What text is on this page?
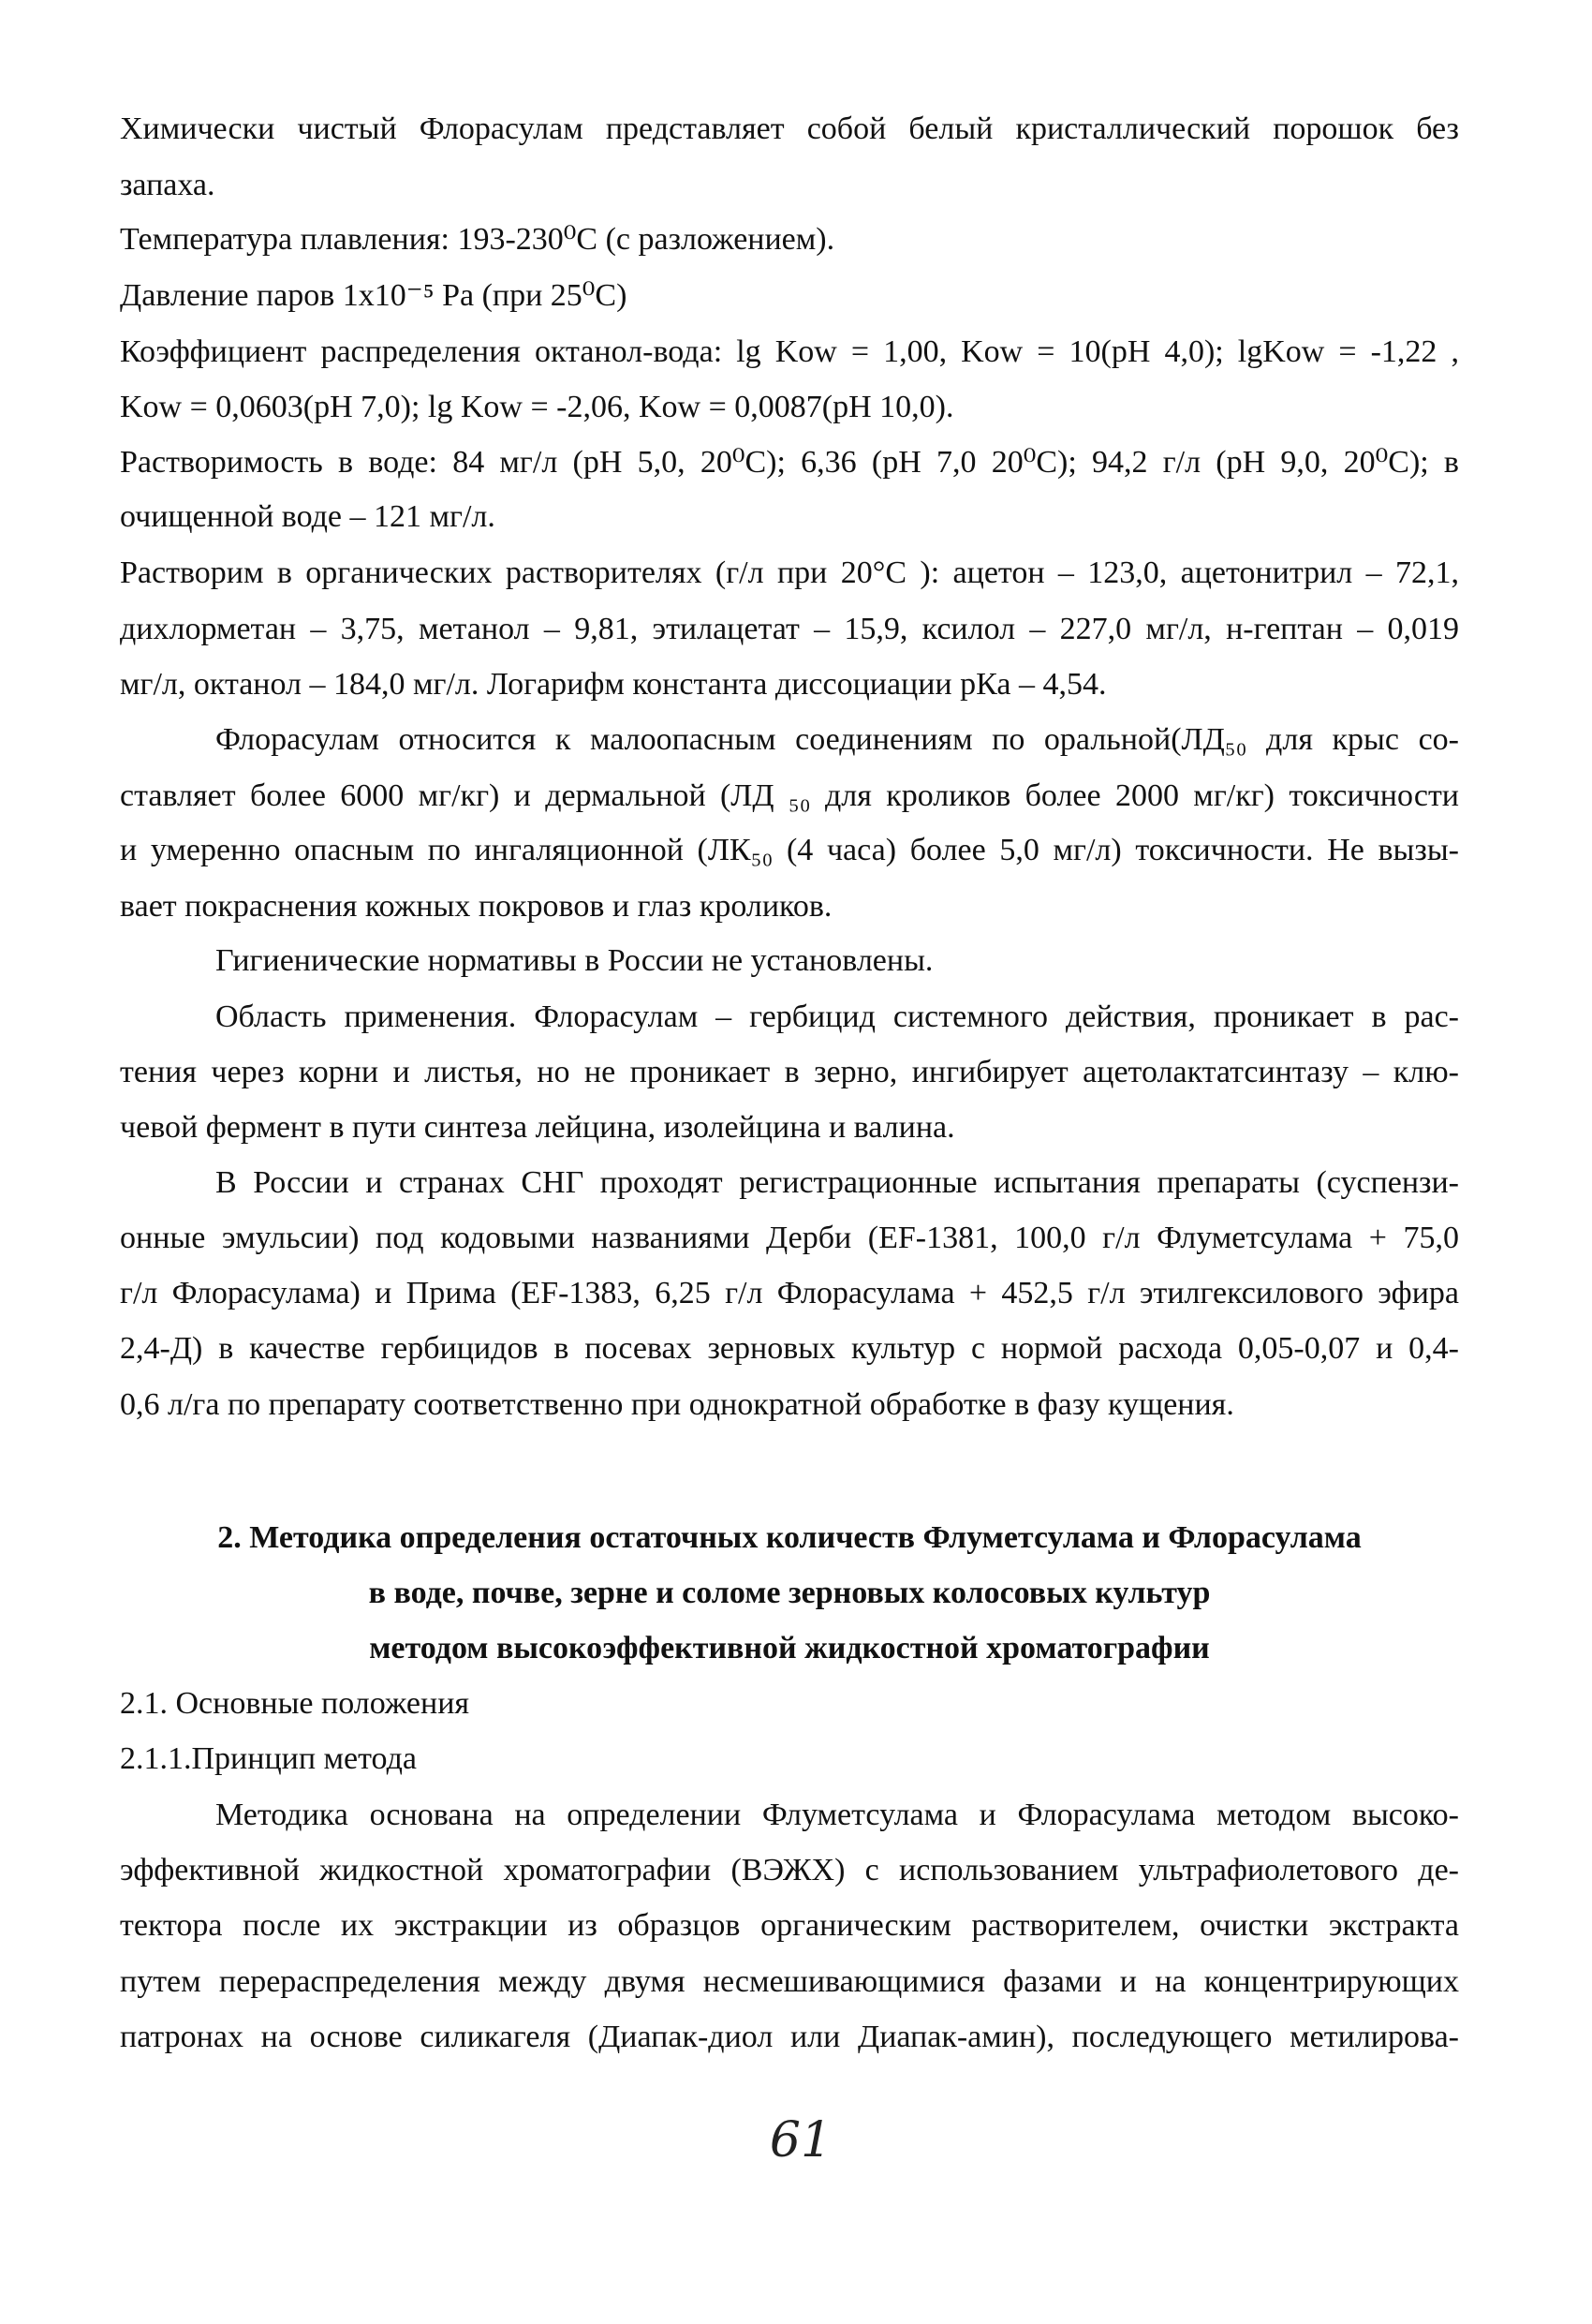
Химически чистый Флорасулам представляет собой белый кристаллический порошок без
запаха.
Температура плавления: 193-230⁰С (с разложением).
Давление паров 1х10⁻⁵ Ра (при 25⁰С)
Коэффициент распределения октанол-вода: lg Kow = 1,00, Kow = 10(pH 4,0); lgKow = -1,22 ,
Kow = 0,0603(pH 7,0); lg Kow = -2,06, Kow = 0,0087(pH 10,0).
Растворимость в воде: 84 мг/л (pH 5,0, 20⁰С); 6,36 (pH 7,0 20⁰С); 94,2 г/л (pH 9,0, 20⁰С); в
очищенной воде – 121 мг/л.
Растворим в органических растворителях (г/л при 20°С ): ацетон – 123,0, ацетонитрил – 72,1,
дихлорметан – 3,75, метанол – 9,81, этилацетат – 15,9, ксилол – 227,0 мг/л, н-гептан – 0,019
мг/л, октанол – 184,0 мг/л. Логарифм константа диссоциации рКа – 4,54.
Флорасулам относится к малоопасным соединениям по оральной(ЛД₅₀ для крыс со-
ставляет более 6000 мг/кг) и дермальной (ЛД ₅₀ для кроликов более 2000 мг/кг) токсичности
и умеренно опасным по ингаляционной (ЛК₅₀ (4 часа) более 5,0 мг/л) токсичности. Не вызы-
вает покраснения кожных покровов и глаз кроликов.
Гигиенические нормативы в России не установлены.
Область применения. Флорасулам – гербицид системного действия, проникает в рас-
тения через корни и листья, но не проникает в зерно, ингибирует ацетолактатсинтазу – клю-
чевой фермент в пути синтеза лейцина, изолейцина и валина.
В России и странах СНГ проходят регистрационные испытания препараты (суспензи-
онные эмульсии) под кодовыми названиями Дерби (EF-1381, 100,0 г/л Флуметсулама + 75,0
г/л Флорасулама) и Прима (EF-1383, 6,25 г/л Флорасулама + 452,5 г/л этилгексилового эфира
2,4-Д) в качестве гербицидов в посевах зерновых культур с нормой расхода 0,05-0,07 и 0,4-
0,6 л/га по препарату соответственно при однократной обработке в фазу кущения.
2. Методика определения остаточных количеств Флуметсулама и Флорасулама
в воде, почве, зерне и соломе зерновых колосовых культур
методом высокоэффективной жидкостной хроматографии
2.1. Основные положения
2.1.1.Принцип метода
Методика основана на определении Флуметсулама и Флорасулама методом высоко-
эффективной жидкостной хроматографии (ВЭЖХ) с использованием ультрафиолетового де-
тектора после их экстракции из образцов органическим растворителем, очистки экстракта
путем перераспределения между двумя несмешивающимися фазами и на концентрирующих
патронах на основе силикагеля (Диапак-диол или Диапак-амин), последующего метилирова-
61
